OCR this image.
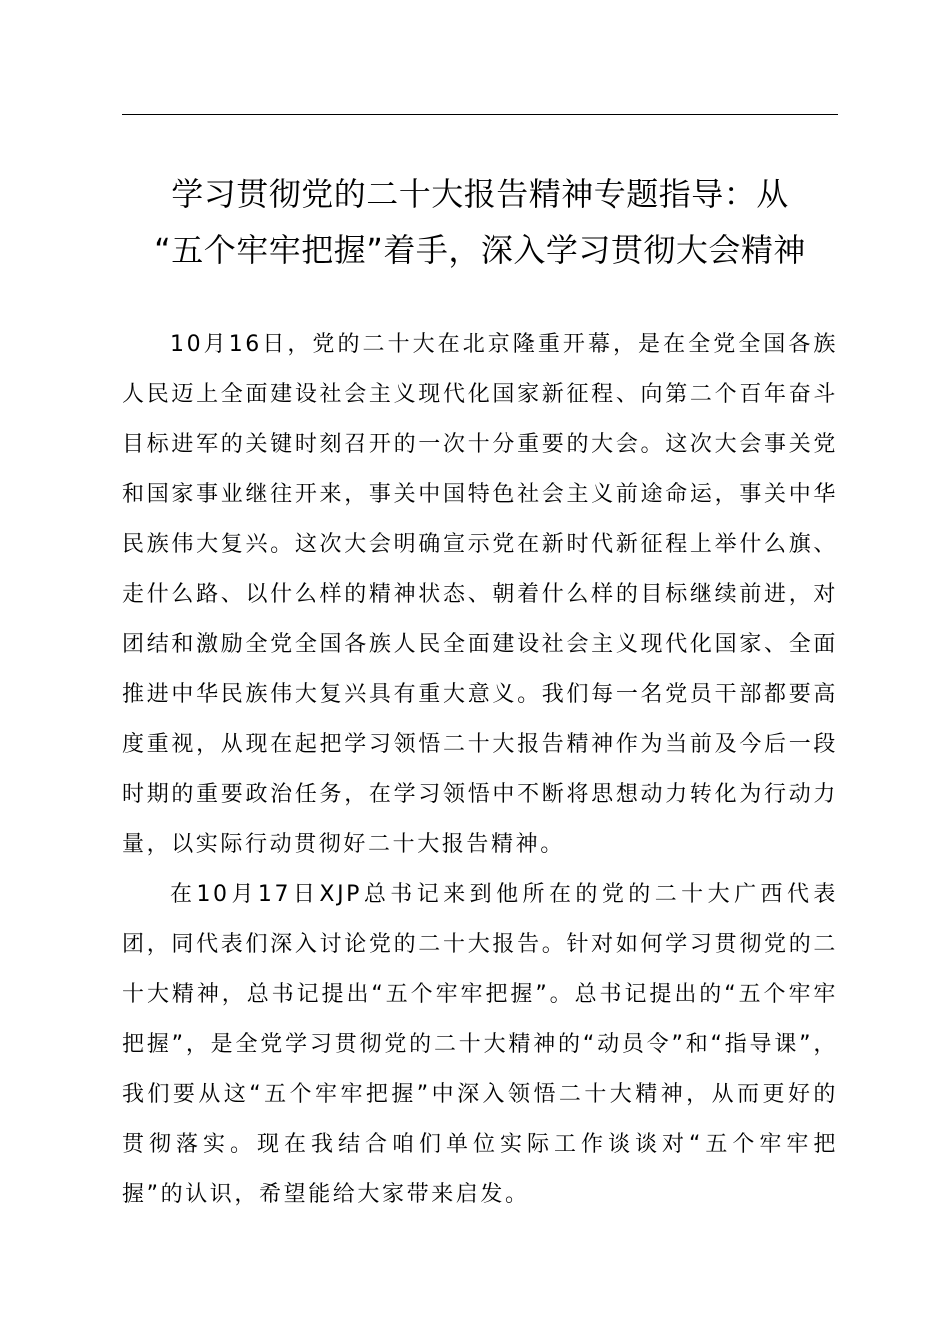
学习贯彻党的二十大报告精神专题指导：从
“五个牢牢把握”着手，深入学习贯彻大会精神

10月16日，党的二十大在北京隆重开幕，是在全党全国各族人民迈上全面建设社会主义现代化国家新征程、向第二个百年奋斗目标进军的关键时刻召开的一次十分重要的大会。这次大会事关党和国家事业继往开来，事关中国特色社会主义前途命运，事关中华民族伟大复兴。这次大会明确宣示党在新时代新征程上举什么旗、走什么路、以什么样的精神状态、朝着什么样的目标继续前进，对团结和激励全党全国各族人民全面建设社会主义现代化国家、全面推进中华民族伟大复兴具有重大意义。我们每一名党员干部都要高度重视，从现在起把学习领悟二十大报告精神作为当前及今后一段时期的重要政治任务，在学习领悟中不断将思想动力转化为行动力量，以实际行动贯彻好二十大报告精神。

在10月17日XJP总书记来到他所在的党的二十大广西代表团，同代表们深入讨论党的二十大报告。针对如何学习贯彻党的二十大精神，总书记提出“五个牢牢把握”。总书记提出的“五个牢牢把握”，是全党学习贯彻党的二十大精神的“动员令”和“指导课”，我们要从这“五个牢牢把握”中深入领悟二十大精神，从而更好的贯彻落实。现在我结合咱们单位实际工作谈谈对“五个牢牢把握”的认识，希望能给大家带来启发。
